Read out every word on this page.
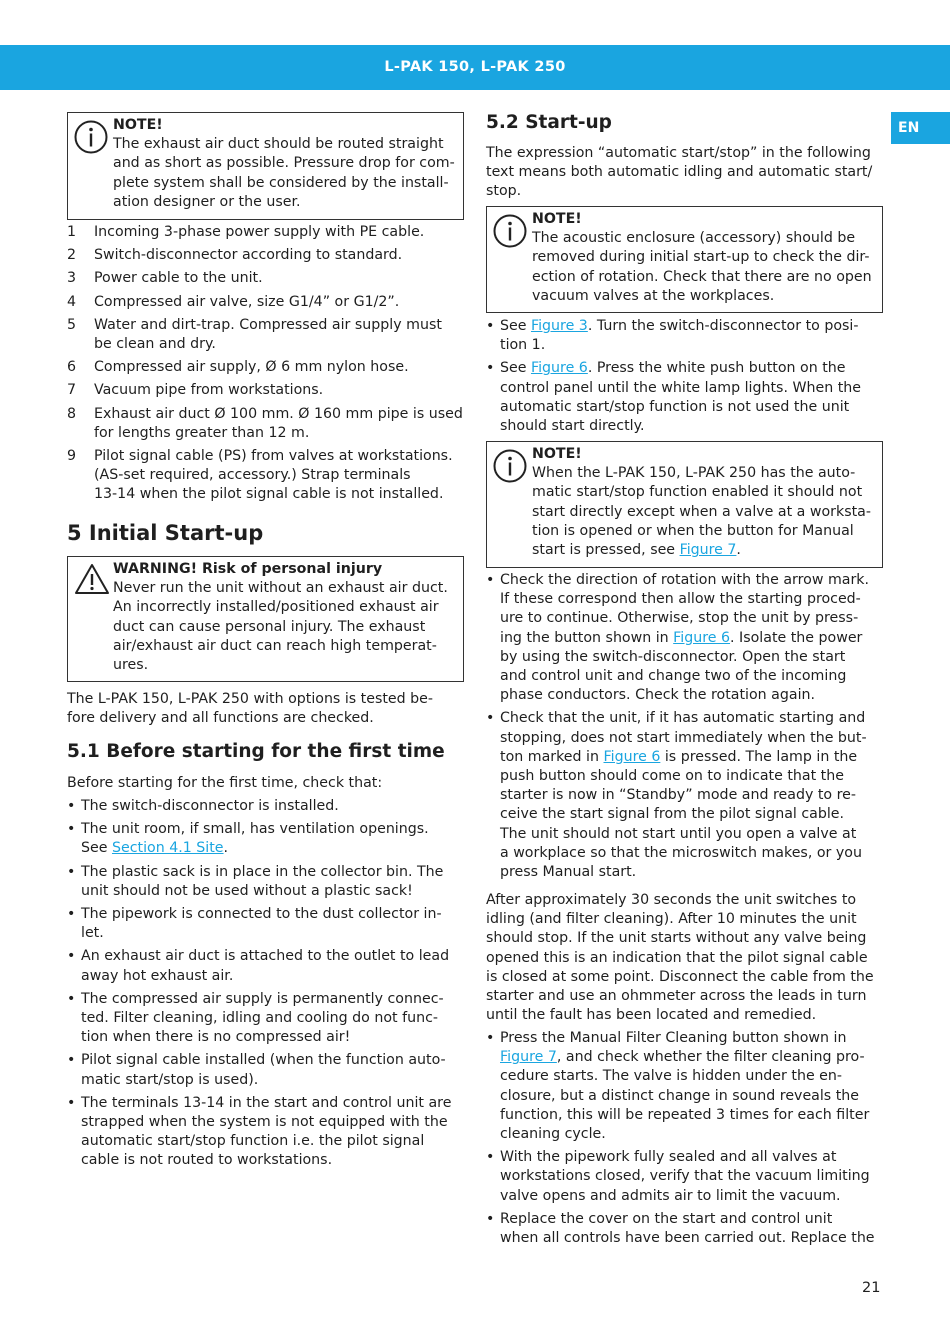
L-PAK 150, L-PAK 250
EN
NOTE!
The exhaust air duct should be routed straight
and as short as possible. Pressure drop for com-
plete system shall be considered by the install-
ation designer or the user.
1 Incoming 3-phase power supply with PE cable.
2 Switch-disconnector according to standard.
3 Power cable to the unit.
4 Compressed air valve, size G1/4” or G1/2”.
5 Water and dirt-trap. Compressed air supply must
be clean and dry.
6 Compressed air supply, Ø 6 mm nylon hose.
7 Vacuum pipe from workstations.
8 Exhaust air duct Ø 100 mm. Ø 160 mm pipe is used
for lengths greater than 12 m.
9 Pilot signal cable (PS) from valves at workstations.
(AS-set required, accessory.) Strap terminals
13-14 when the pilot signal cable is not installed.
5 Initial Start-up
WARNING! Risk of personal injury
Never run the unit without an exhaust air duct.
An incorrectly installed/positioned exhaust air
duct can cause personal injury. The exhaust
air/exhaust air duct can reach high temperat-
ures.
The L-PAK 150, L-PAK 250 with options is tested be-
fore delivery and all functions are checked.
5.1 Before starting for the first time
Before starting for the first time, check that:
• The switch-disconnector is installed.
• The unit room, if small, has ventilation openings.
See Section 4.1 Site.
• The plastic sack is in place in the collector bin. The
unit should not be used without a plastic sack!
• The pipework is connected to the dust collector in-
let.
• An exhaust air duct is attached to the outlet to lead
away hot exhaust air.
• The compressed air supply is permanently connec-
ted. Filter cleaning, idling and cooling do not func-
tion when there is no compressed air!
• Pilot signal cable installed (when the function auto-
matic start/stop is used).
• The terminals 13-14 in the start and control unit are
strapped when the system is not equipped with the
automatic start/stop function i.e. the pilot signal
cable is not routed to workstations.
5.2 Start-up
The expression “automatic start/stop” in the following
text means both automatic idling and automatic start/
stop.
NOTE!
The acoustic enclosure (accessory) should be
removed during initial start-up to check the dir-
ection of rotation. Check that there are no open
vacuum valves at the workplaces.
• See Figure 3. Turn the switch-disconnector to posi-
tion 1.
• See Figure 6. Press the white push button on the
control panel until the white lamp lights. When the
automatic start/stop function is not used the unit
should start directly.
NOTE!
When the L-PAK 150, L-PAK 250 has the auto-
matic start/stop function enabled it should not
start directly except when a valve at a worksta-
tion is opened or when the button for Manual
start is pressed, see Figure 7.
• Check the direction of rotation with the arrow mark.
If these correspond then allow the starting proced-
ure to continue. Otherwise, stop the unit by press-
ing the button shown in Figure 6. Isolate the power
by using the switch-disconnector. Open the start
and control unit and change two of the incoming
phase conductors. Check the rotation again.
• Check that the unit, if it has automatic starting and
stopping, does not start immediately when the but-
ton marked in Figure 6 is pressed. The lamp in the
push button should come on to indicate that the
starter is now in “Standby” mode and ready to re-
ceive the start signal from the pilot signal cable.
The unit should not start until you open a valve at
a workplace so that the microswitch makes, or you
press Manual start.
After approximately 30 seconds the unit switches to
idling (and filter cleaning). After 10 minutes the unit
should stop. If the unit starts without any valve being
opened this is an indication that the pilot signal cable
is closed at some point. Disconnect the cable from the
starter and use an ohmmeter across the leads in turn
until the fault has been located and remedied.
• Press the Manual Filter Cleaning button shown in
Figure 7, and check whether the filter cleaning pro-
cedure starts. The valve is hidden under the en-
closure, but a distinct change in sound reveals the
function, this will be repeated 3 times for each filter
cleaning cycle.
• With the pipework fully sealed and all valves at
workstations closed, verify that the vacuum limiting
valve opens and admits air to limit the vacuum.
• Replace the cover on the start and control unit
when all controls have been carried out. Replace the
21
